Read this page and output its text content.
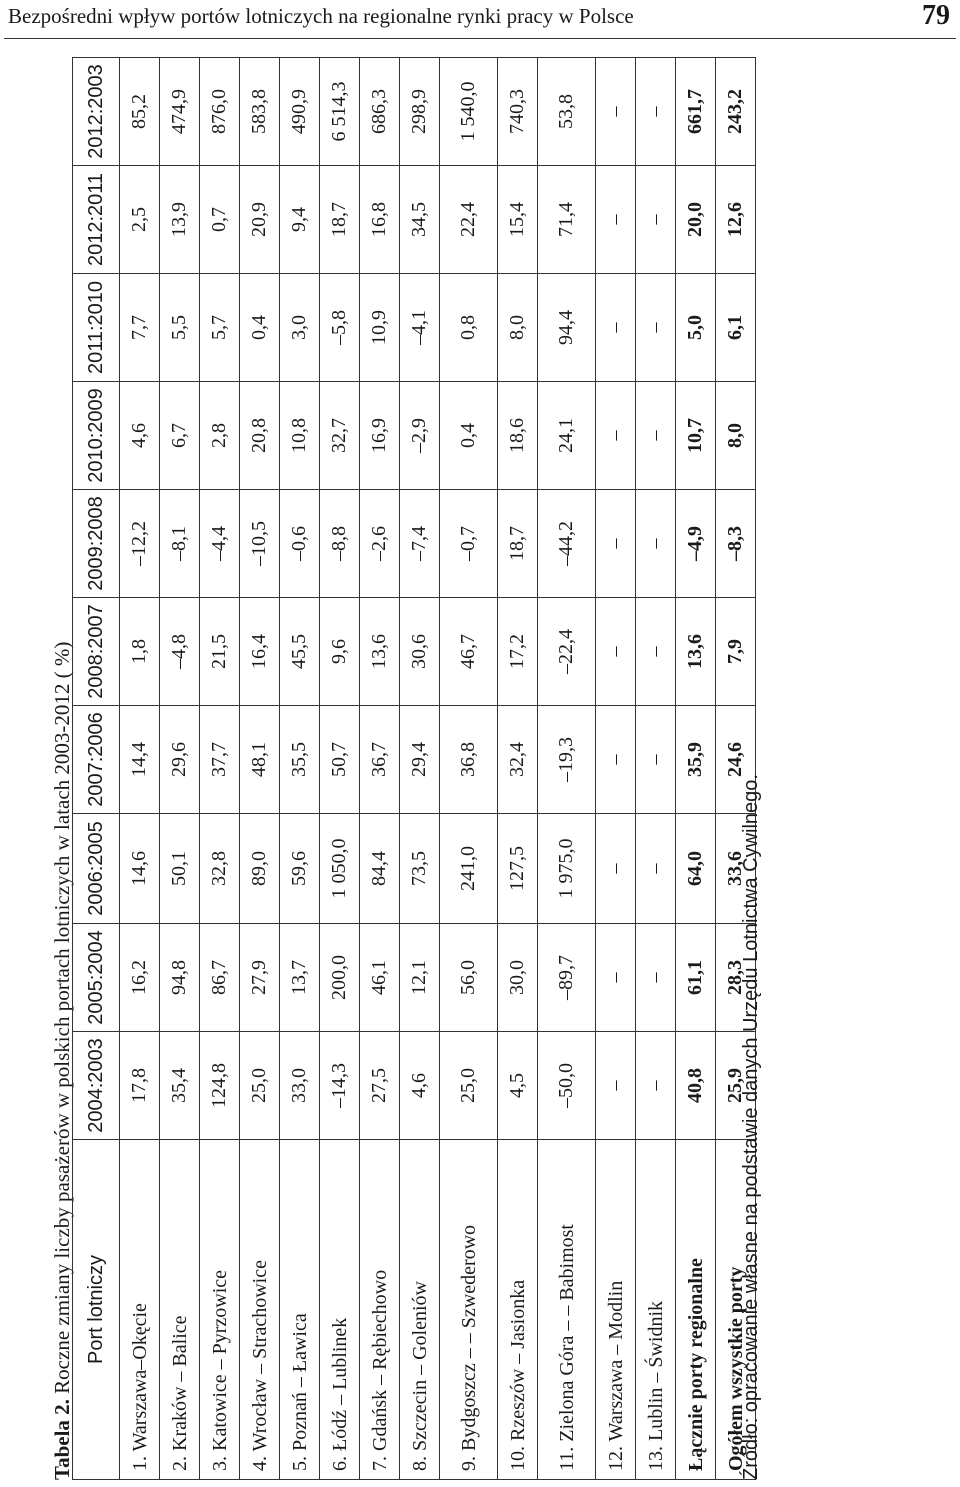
Bezpośredni wpływ portów lotniczych na regionalne rynki pracy w Polsce	79
Tabela 2. Roczne zmiany liczby pasażerów w polskich portach lotniczych w latach 2003-2012 ( %) Port lotniczy	2004:2003	2005:2004	2006:2005	2007:2006	2008:2007	2009:2008	2010:2009	2011:2010	2012:2011	2012:2003
1. Warszawa–Okęcie	17,8	16,2	14,6	14,4	1,8	–12,2	4,6	7,7	2,5	85,2
2. Kraków – Balice	35,4	94,8	50,1	29,6	–4,8	–8,1	6,7	5,5	13,9	474,9
3. Katowice – Pyrzowice	124,8	86,7	32,8	37,7	21,5	–4,4	2,8	5,7	0,7	876,0
4. Wrocław – Strachowice	25,0	27,9	89,0	48,1	16,4	–10,5	20,8	0,4	20,9	583,8
5. Poznań – Ławica	33,0	13,7	59,6	35,5	45,5	–0,6	10,8	3,0	9,4	490,9
6. Łódź – Lublinek	–14,3	200,0	1 050,0	50,7	9,6	–8,8	32,7	–5,8	18,7	6 514,3
7. Gdańsk – Rębiechowo	27,5	46,1	84,4	36,7	13,6	–2,6	16,9	10,9	16,8	686,3
8. Szczecin – Goleniów	4,6	12,1	73,5	29,4	30,6	–7,4	–2,9	–4,1	34,5	298,9
9. Bydgoszcz – – Szwederowo	25,0	56,0	241,0	36,8	46,7	–0,7	0,4	0,8	22,4	1 540,0
10. Rzeszów – Jasionka	4,5	30,0	127,5	32,4	17,2	18,7	18,6	8,0	15,4	740,3
11. Zielona Góra – – Babimost	–50,0	–89,7	1 975,0	–19,3	–22,4	–44,2	24,1	94,4	71,4	53,8
12. Warszawa – Modlin	–	–	–	–	–	–	–	–	–	–
13. Lublin – Świdnik	–	–	–	–	–	–	–	–	–	–
Łącznie porty regionalne	40,8	61,1	64,0	35,9	13,6	–4,9	10,7	5,0	20,0	661,7
Ogółem wszystkie porty	25,9	28,3	33,6	24,6	7,9	–8,3	8,0	6,1	12,6	243,2
Źródło: opracowanie własne na podstawie danych Urzędu Lotnictwa Cywilnego.
